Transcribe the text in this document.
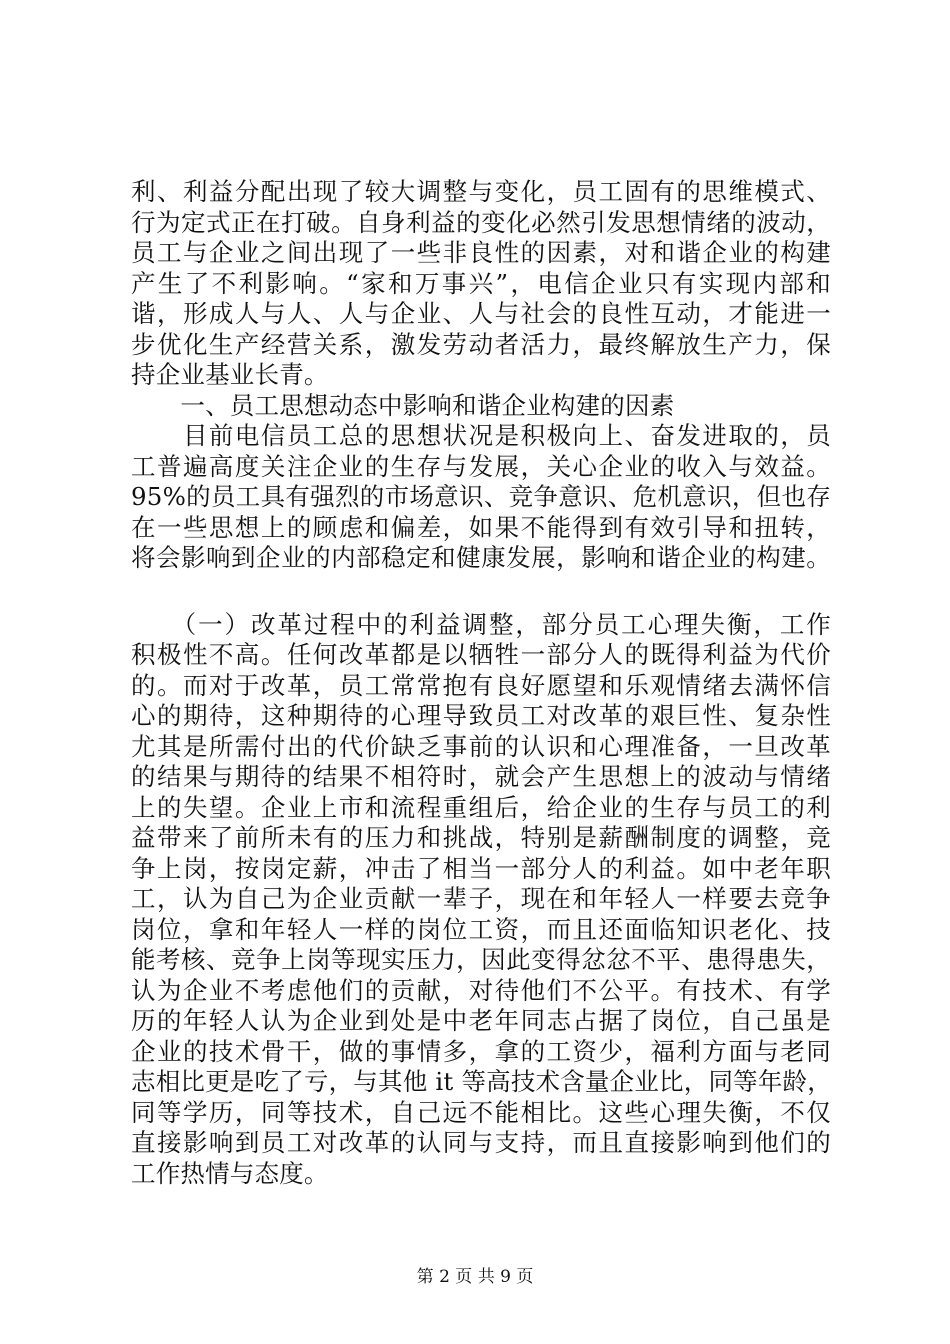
利、利益分配出现了较大调整与变化，员工固有的思维模式、
行为定式正在打破。自身利益的变化必然引发思想情绪的波动，
员工与企业之间出现了一些非良性的因素，对和谐企业的构建
产生了不利影响。“家和万事兴”，电信企业只有实现内部和
谐，形成人与人、人与企业、人与社会的良性互动，才能进一
步优化生产经营关系，激发劳动者活力，最终解放生产力，保
持企业基业长青。
　　一、员工思想动态中影响和谐企业构建的因素
　　目前电信员工总的思想状况是积极向上、奋发进取的，员
工普遍高度关注企业的生存与发展，关心企业的收入与效益。
95%的员工具有强烈的市场意识、竞争意识、危机意识，但也存
在一些思想上的顾虑和偏差，如果不能得到有效引导和扭转，
将会影响到企业的内部稳定和健康发展，影响和谐企业的构建。
　　（一）改革过程中的利益调整，部分员工心理失衡，工作
积极性不高。任何改革都是以牺牲一部分人的既得利益为代价
的。而对于改革，员工常常抱有良好愿望和乐观情绪去满怀信
心的期待，这种期待的心理导致员工对改革的艰巨性、复杂性
尤其是所需付出的代价缺乏事前的认识和心理准备，一旦改革
的结果与期待的结果不相符时，就会产生思想上的波动与情绪
上的失望。企业上市和流程重组后，给企业的生存与员工的利
益带来了前所未有的压力和挑战，特别是薪酬制度的调整，竞
争上岗，按岗定薪，冲击了相当一部分人的利益。如中老年职
工，认为自己为企业贡献一辈子，现在和年轻人一样要去竞争
岗位，拿和年轻人一样的岗位工资，而且还面临知识老化、技
能考核、竞争上岗等现实压力，因此变得忿忿不平、患得患失，
认为企业不考虑他们的贡献，对待他们不公平。有技术、有学
历的年轻人认为企业到处是中老年同志占据了岗位，自己虽是
企业的技术骨干，做的事情多，拿的工资少，福利方面与老同
志相比更是吃了亏，与其他 it 等高技术含量企业比，同等年龄，
同等学历，同等技术，自己远不能相比。这些心理失衡，不仅
直接影响到员工对改革的认同与支持，而且直接影响到他们的
工作热情与态度。
第 2 页 共 9 页
